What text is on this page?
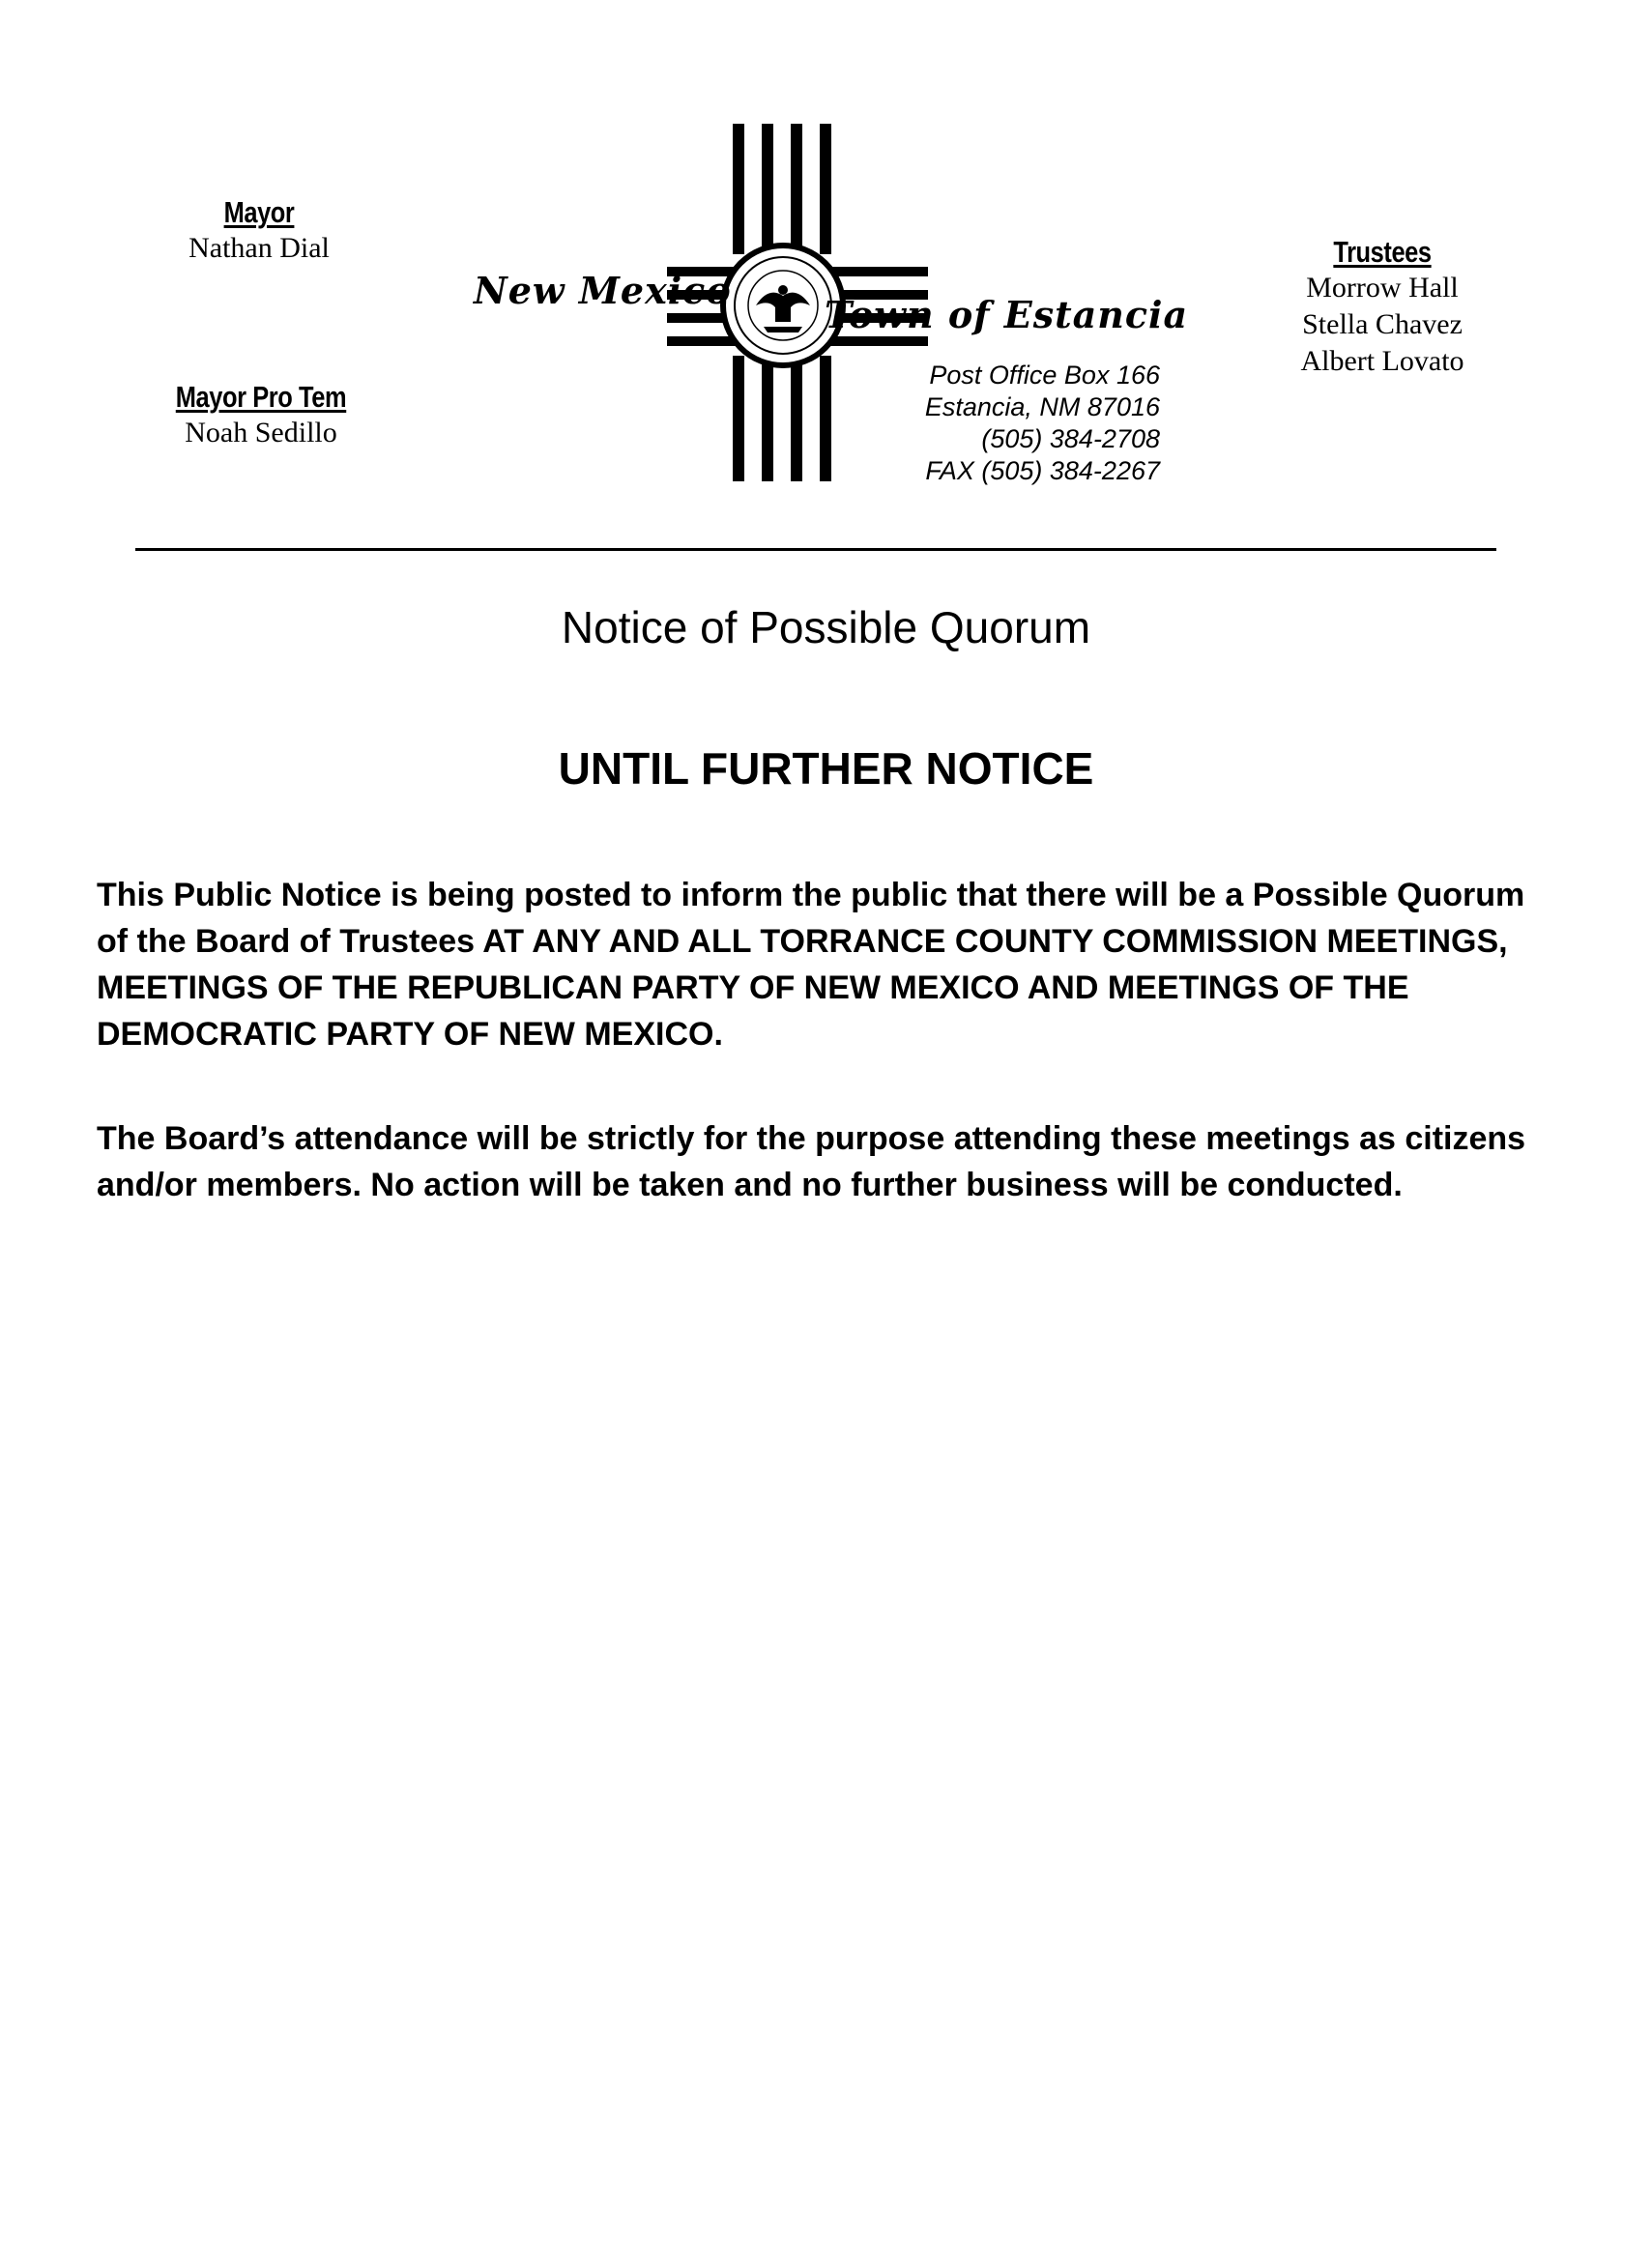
Mayor
Nathan Dial
Mayor Pro Tem
Noah Sedillo
Trustees
Morrow Hall
Stella Chavez
Albert Lovato
New Mexico
Town of Estancia
Post Office Box 166
Estancia, NM 87016
(505) 384-2708
FAX (505) 384-2267
Notice of Possible Quorum
UNTIL FURTHER NOTICE
This Public Notice is being posted to inform the public that there will be a Possible Quorum
of the Board of Trustees AT ANY AND ALL TORRANCE COUNTY COMMISSION MEETINGS,
MEETINGS OF THE REPUBLICAN PARTY OF NEW MEXICO AND MEETINGS OF THE
DEMOCRATIC PARTY OF NEW MEXICO.
The Board’s attendance will be strictly for the purpose attending these meetings as citizens
and/or members. No action will be taken and no further business will be conducted.
